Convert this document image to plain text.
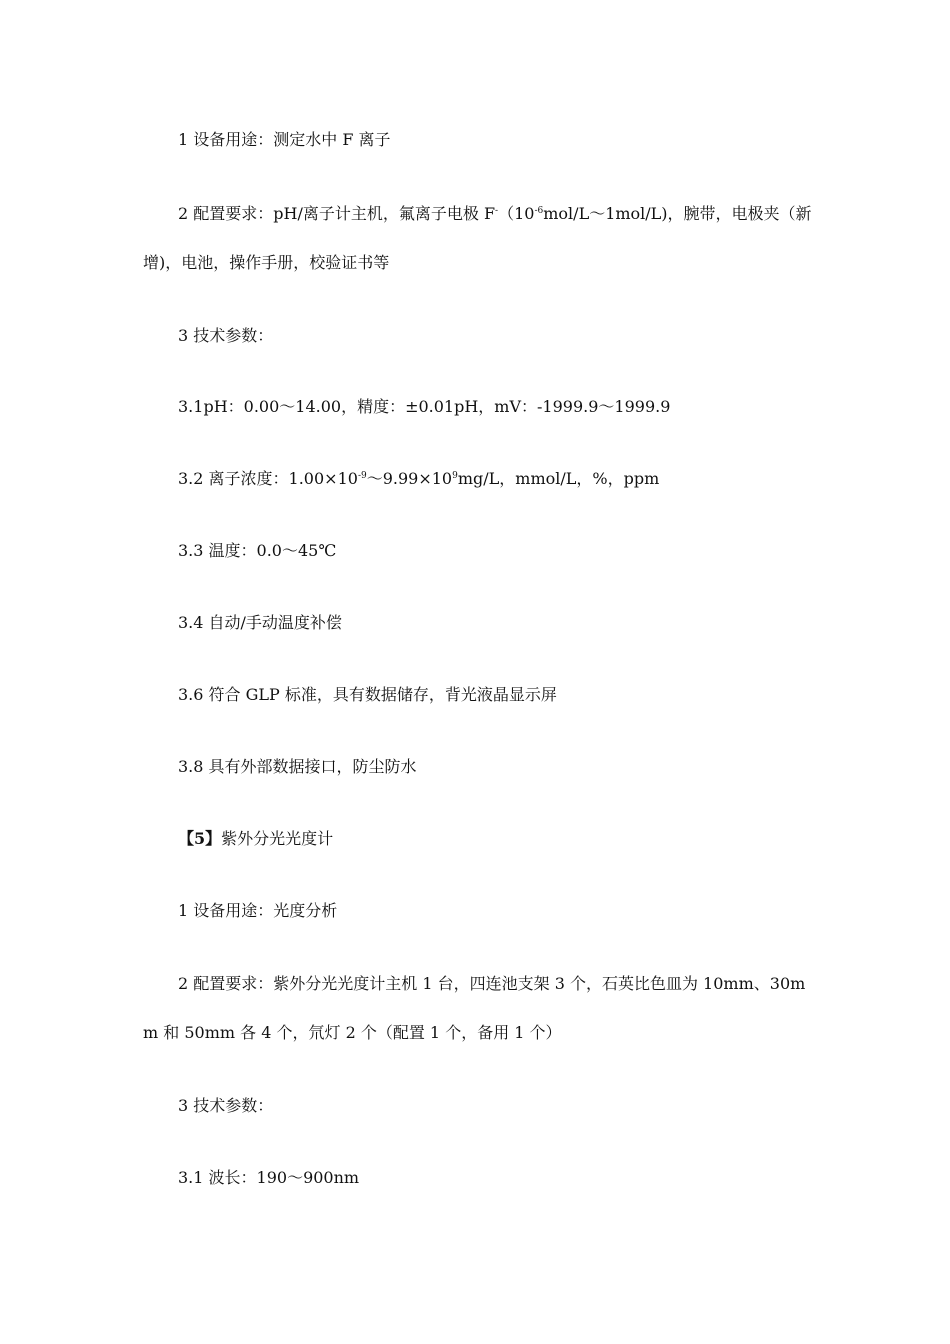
1 设备用途：测定水中 F 离子
2 配置要求：pH/离子计主机，氟离子电极 $F^-(10^{-6}mol/L\sim 1mol/L)$，腕带，电极夹（新
增)，电池，操作手册，校验证书等
3 技术参数：
3.1pH：0.00～14.00，精度：±0.01pH，mV：-1999.9～1999.9
3.2 离子浓度：$1.00\times 10^{-9}\sim 9.99\times 10^9mg/L$，mmol/L，%，ppm
3.3 温度：0.0～45℃
3.4 自动/手动温度补偿
3.6 符合 GLP 标准，具有数据储存，背光液晶显示屏
3.8 具有外部数据接口，防尘防水
【5】紫外分光光度计
1 设备用途：光度分析
2 配置要求：紫外分光光度计主机 1 台，四连池支架 3 个，石英比色皿为 10mm、30m
m 和 50mm 各 4 个，氘灯 2 个（配置 1 个，备用 1 个）
3 技术参数：
3.1 波长：190～900nm
